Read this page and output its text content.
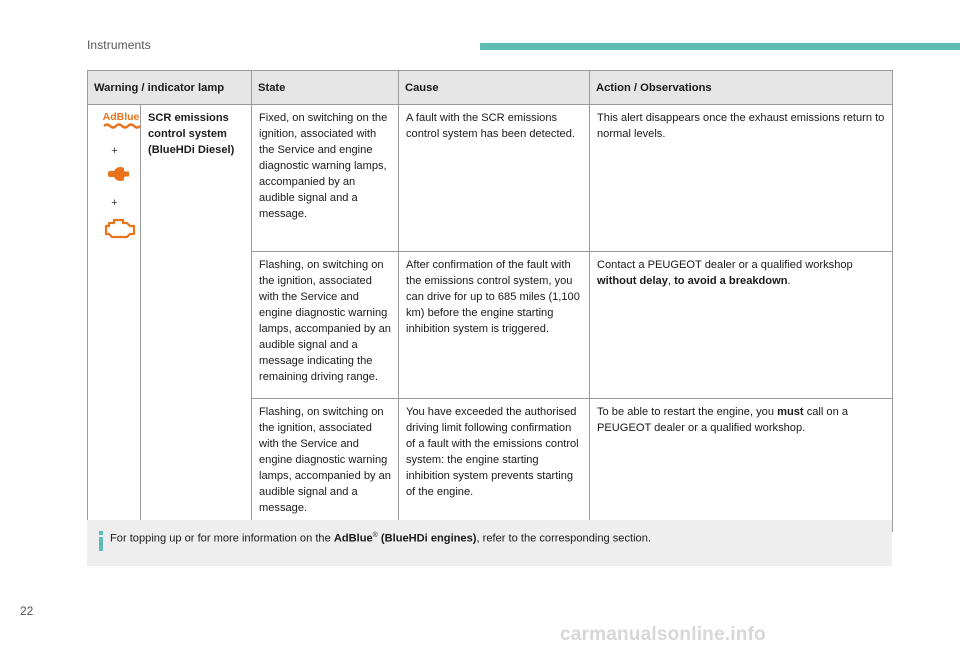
Instruments
Warning / indicator lamp		State	Cause	Action / Observations

AdBlue
+
+	SCR emissions control system (BlueHDi Diesel)	Fixed, on switching on the ignition, associated with the Service and engine diagnostic warning lamps, accompanied by an audible signal and a message.	A fault with the SCR emissions control system has been detected.	This alert disappears once the exhaust emissions return to normal levels.
		Flashing, on switching on the ignition, associated with the Service and engine diagnostic warning lamps, accompanied by an audible signal and a message indicating the remaining driving range.	After confirmation of the fault with the emissions control system, you can drive for up to 685 miles (1,100 km) before the engine starting inhibition system is triggered.	Contact a PEUGEOT dealer or a qualified workshop without delay, to avoid a breakdown.
		Flashing, on switching on the ignition, associated with the Service and engine diagnostic warning lamps, accompanied by an audible signal and a message.	You have exceeded the authorised driving limit following confirmation of a fault with the emissions control system: the engine starting inhibition system prevents starting of the engine.	To be able to restart the engine, you must call on a PEUGEOT dealer or a qualified workshop.
For topping up or for more information on the AdBlue® (BlueHDi engines), refer to the corresponding section.
22
carmanualsonline.info
